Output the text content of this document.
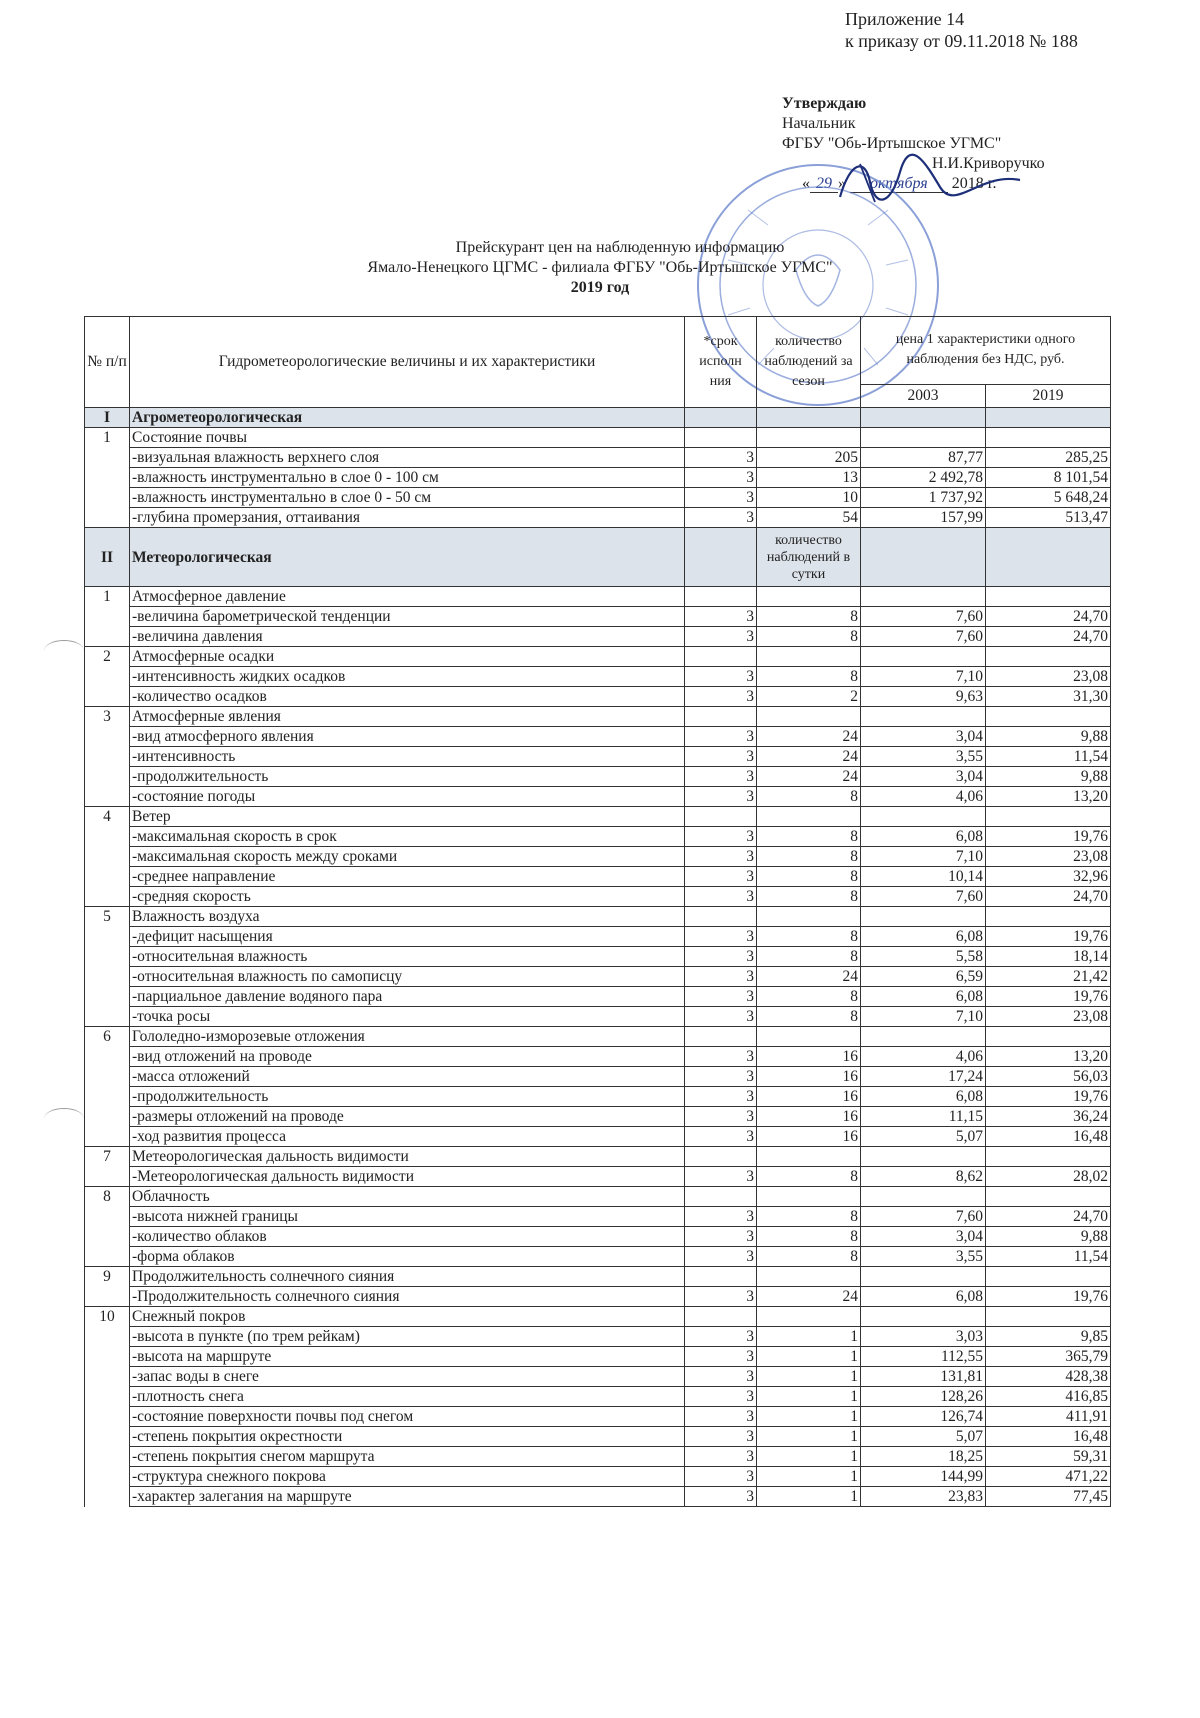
Приложение 14
к приказу от 09.11.2018 № 188
Утверждаю
Начальник
ФГБУ "Обь-Иртышское УГМС"
Н.И.Криворучко
« 29 » октября 2018 г.
Прейскурант цен на наблюденную информацию
Ямало-Ненецкого ЦГМС - филиала ФГБУ "Обь-Иртышское УГМС"
2019 год
№ п/п	Гидрометеорологические величины и их характеристики	*срок исполн ния	количество наблюдений за сезон	цена 1 характеристики одного наблюдения без НДС, руб.	
				2003	2019
I	Агрометеорологическая				
1	Состояние почвы				
	-визуальная влажность верхнего слоя	3	205	87,77	285,25
	-влажность инструментально в слое 0 - 100 см	3	13	2 492,78	8 101,54
	-влажность инструментально в слое 0 - 50 см	3	10	1 737,92	5 648,24
	-глубина промерзания, оттаивания	3	54	157,99	513,47
II	Метеорологическая		количество наблюдений в сутки		
1	Атмосферное давление				
	-величина барометрической тенденции	3	8	7,60	24,70
	-величина давления	3	8	7,60	24,70
2	Атмосферные осадки				
	-интенсивность жидких осадков	3	8	7,10	23,08
	-количество осадков	3	2	9,63	31,30
3	Атмосферные явления				
	-вид атмосферного явления	3	24	3,04	9,88
	-интенсивность	3	24	3,55	11,54
	-продолжительность	3	24	3,04	9,88
	-состояние погоды	3	8	4,06	13,20
4	Ветер				
	-максимальная скорость в срок	3	8	6,08	19,76
	-максимальная скорость между сроками	3	8	7,10	23,08
	-среднее направление	3	8	10,14	32,96
	-средняя скорость	3	8	7,60	24,70
5	Влажность воздуха				
	-дефицит насыщения	3	8	6,08	19,76
	-относительная влажность	3	8	5,58	18,14
	-относительная влажность по самописцу	3	24	6,59	21,42
	-парциальное давление водяного пара	3	8	6,08	19,76
	-точка росы	3	8	7,10	23,08
6	Гололедно-изморозевые отложения				
	-вид отложений на проводе	3	16	4,06	13,20
	-масса отложений	3	16	17,24	56,03
	-продолжительность	3	16	6,08	19,76
	-размеры отложений на проводе	3	16	11,15	36,24
	-ход развития процесса	3	16	5,07	16,48
7	Метеорологическая дальность видимости				
	-Метеорологическая дальность видимости	3	8	8,62	28,02
8	Облачность				
	-высота нижней границы	3	8	7,60	24,70
	-количество облаков	3	8	3,04	9,88
	-форма облаков	3	8	3,55	11,54
9	Продолжительность солнечного сияния				
	-Продолжительность солнечного сияния	3	24	6,08	19,76
10	Снежный покров				
	-высота в пункте (по трем рейкам)	3	1	3,03	9,85
	-высота на маршруте	3	1	112,55	365,79
	-запас воды в снеге	3	1	131,81	428,38
	-плотность снега	3	1	128,26	416,85
	-состояние поверхности почвы под снегом	3	1	126,74	411,91
	-степень покрытия окрестности	3	1	5,07	16,48
	-степень покрытия снегом маршрута	3	1	18,25	59,31
	-структура снежного покрова	3	1	144,99	471,22
	-характер залегания на маршруте	3	1	23,83	77,45
